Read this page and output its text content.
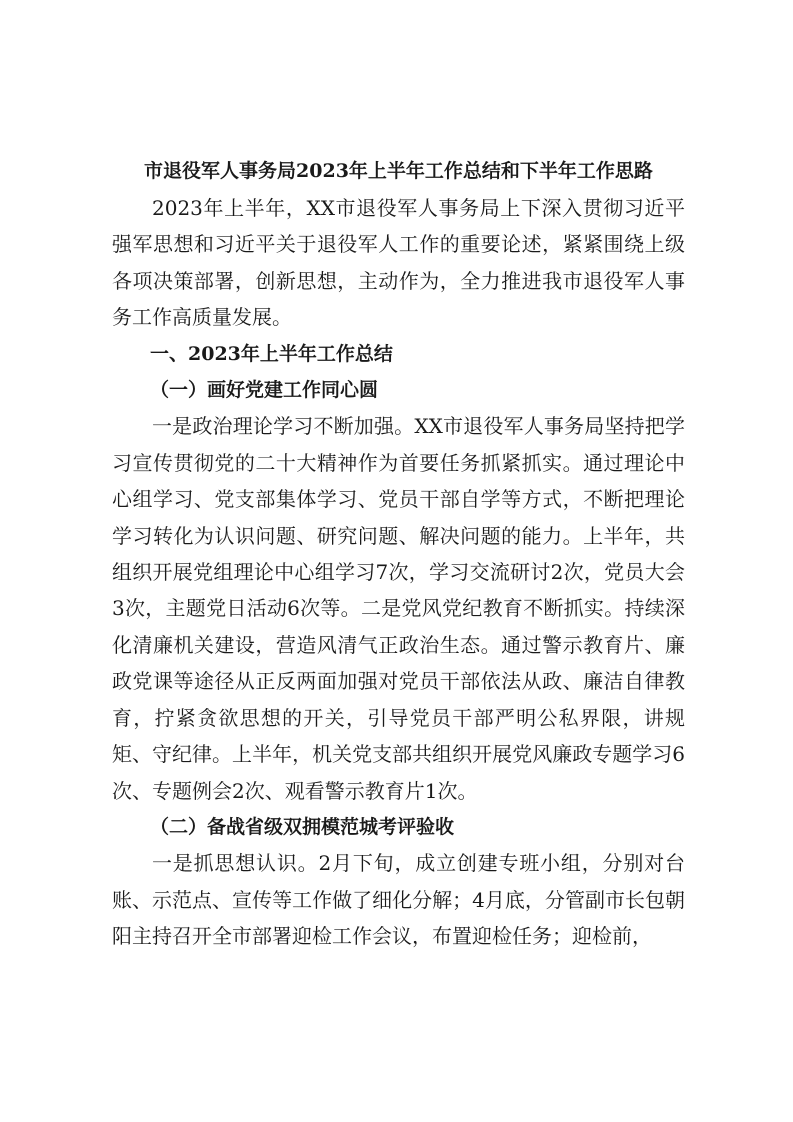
市退役军人事务局2023年上半年工作总结和下半年工作思路

2023年上半年，XX市退役军人事务局上下深入贯彻习近平强军思想和习近平关于退役军人工作的重要论述，紧紧围绕上级各项决策部署，创新思想，主动作为，全力推进我市退役军人事务工作高质量发展。

一、2023年上半年工作总结
（一）画好党建工作同心圆

一是政治理论学习不断加强。XX市退役军人事务局坚持把学习宣传贯彻党的二十大精神作为首要任务抓紧抓实。通过理论中心组学习、党支部集体学习、党员干部自学等方式，不断把理论学习转化为认识问题、研究问题、解决问题的能力。上半年，共组织开展党组理论中心组学习7次，学习交流研讨2次，党员大会3次，主题党日活动6次等。二是党风党纪教育不断抓实。持续深化清廉机关建设，营造风清气正政治生态。通过警示教育片、廉政党课等途径从正反两面加强对党员干部依法从政、廉洁自律教育，拧紧贪欲思想的开关，引导党员干部严明公私界限，讲规矩、守纪律。上半年，机关党支部共组织开展党风廉政专题学习6次、专题例会2次、观看警示教育片1次。

（二）备战省级双拥模范城考评验收

一是抓思想认识。2月下旬，成立创建专班小组，分别对台账、示范点、宣传等工作做了细化分解；4月底，分管副市长包朝阳主持召开全市部署迎检工作会议，布置迎检任务；迎检前，
